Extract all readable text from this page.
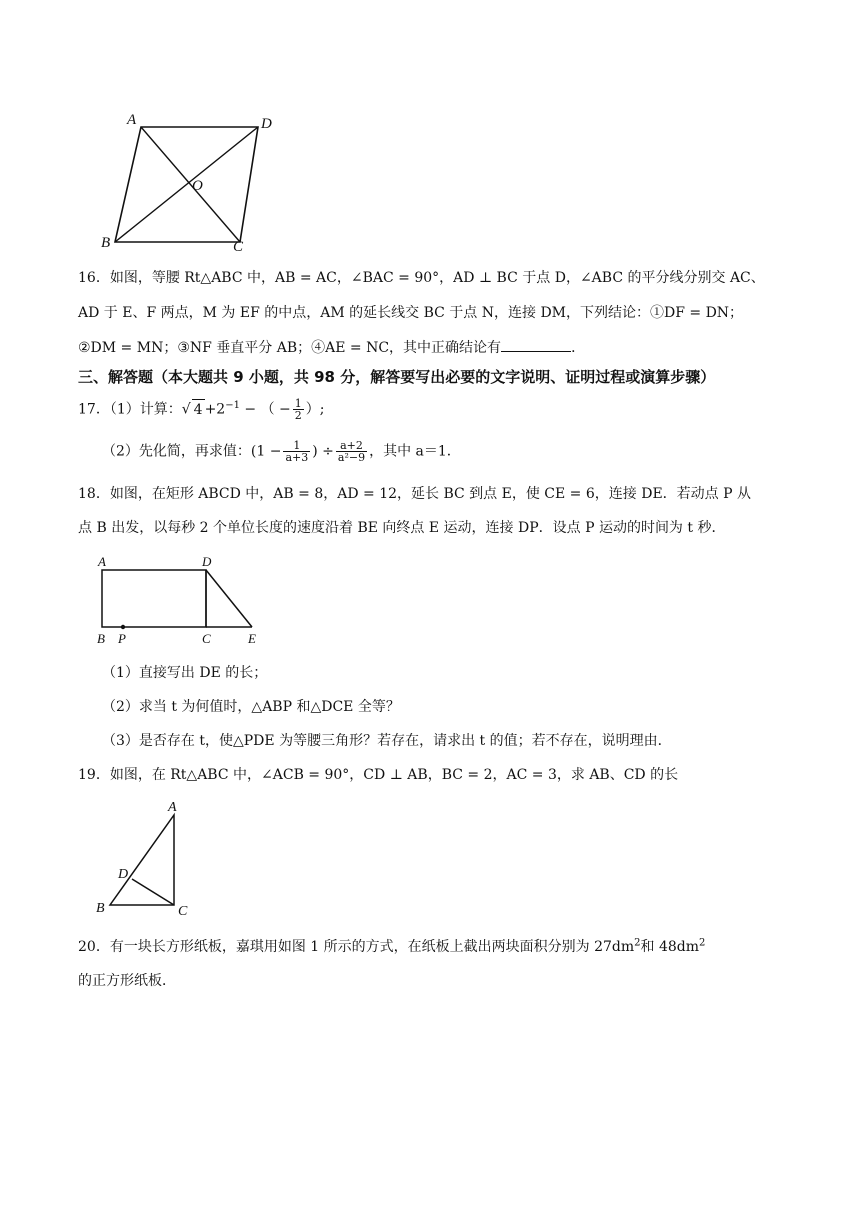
A	D
O
B	C
16．如图，等腰 Rt△ABC 中，AB = AC，∠BAC = 90°，AD ⊥ BC 于点 D，∠ABC 的平分线分别交 AC、
AD 于 E、F 两点，M 为 EF 的中点，AM 的延长线交 BC 于点 N，连接 DM，下列结论：①DF = DN；
②DM = MN；③NF 垂直平分 AB；④AE = NC，其中正确结论有	．
三、解答题（本大题共 9 小题，共 98 分，解答要写出必要的文字说明、证明过程或演算步骤）
17．（1）计算：√ $4 +2^{-1}$ − （ − $\frac{1}{2}$ ）;
（2）先化简，再求值：($1 - \frac{1}{a+3}$ ) ÷ $\frac{a+2}{\text{a²−9}}$ ，其中 a＝1．
18．如图，在矩形 ABCD 中，AB = 8，AD = 12，延长 BC 到点 E，使 CE = 6，连接 DE．若动点 P 从
点 B 出发，以每秒 2 个单位长度的速度沿着 BE 向终点 E 运动，连接 DP．设点 P 运动的时间为 t 秒．
A	D
B P	C	E
（1）直接写出 DE 的长；
（2）求当 t 为何值时，△ABP 和△DCE 全等？
（3）是否存在 t，使△PDE 为等腰三角形？若存在，请求出 t 的值；若不存在，说明理由．
19．如图，在 Rt△ABC 中，∠ACB = 90°，CD ⊥ AB，BC = 2，AC = 3，求 AB、CD 的长
A
D
B	C
20．有一块长方形纸板，嘉琪用如图 1 所示的方式，在纸板上截出两块面积分别为 $27dm^2$和 $48dm^2$
的正方形纸板．
